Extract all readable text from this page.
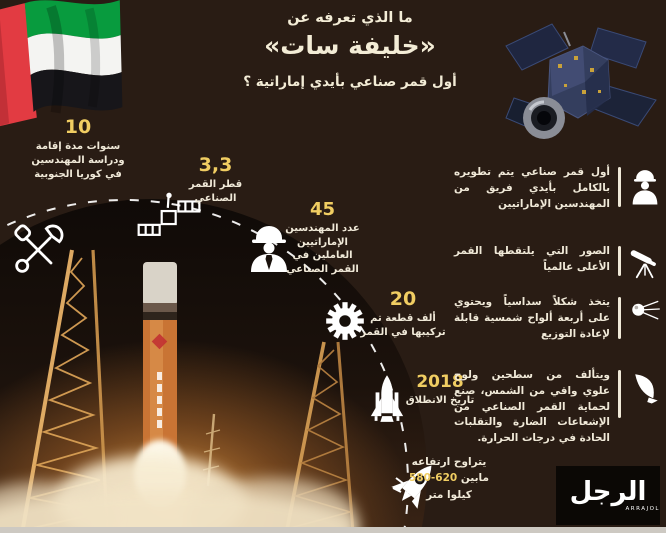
ما الذي تعرفه عن
«خليفة سات»
أول قمر صناعي بأيدي إماراتية ؟
10
سنوات مدة إقامة
ودراسة المهندسين
في كوريا الجنوبية	3,3
قطر القمر
الصناعي
45
عدد المهندسين
الإماراتيين
العاملين في
القمر الصناعي
20
ألف قطعة تم
تركيبها في القمر
2018
تاريخ الانطلاق
يتراوح ارتفاعه
مابين 620-580
كيلوا متر
أول قمر صناعي يتم تطويره بالكامل بأيدي فريق من المهندسين الإماراتيين
الصور التي يلتقطها القمر الأعلى عالمياً
يتخذ شكلاً سداسياً ويحتوي على أربعة ألواح شمسية قابلة لإعادة التوزيع
ويتألف من سطحين ولوح علوي واقي من الشمس، صنع لحماية القمر الصناعي من الإشعاعات الضارة والتقلبات الحادة في درجات الحرارة.
الرجل
ARRAJOL
